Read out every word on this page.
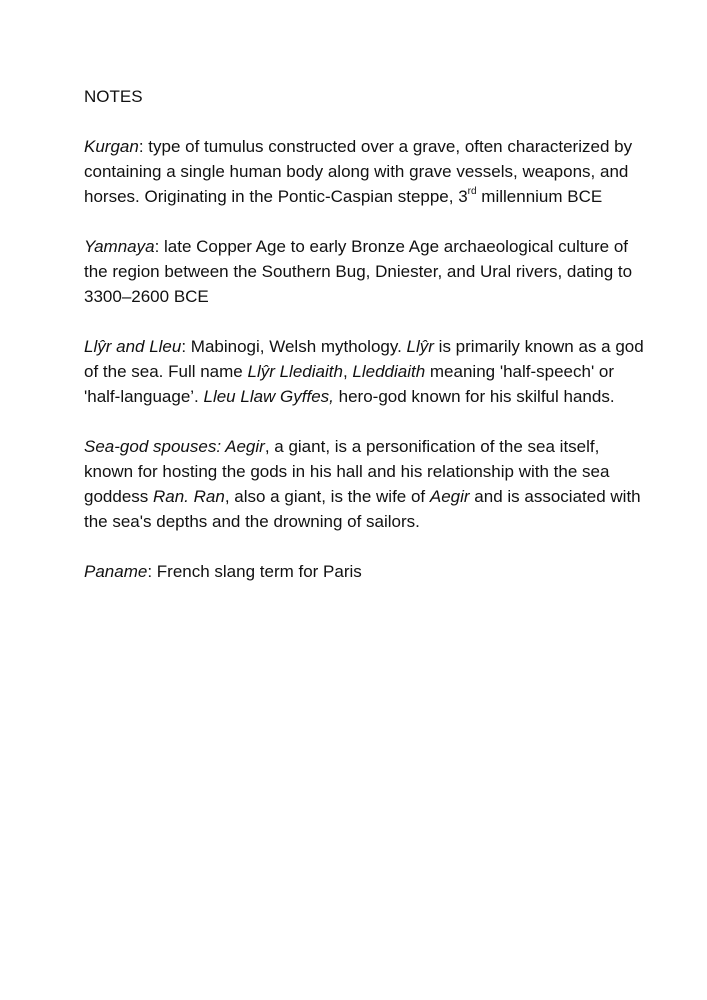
NOTES

Kurgan: type of tumulus constructed over a grave, often characterized by containing a single human body along with grave vessels, weapons, and horses. Originating in the Pontic-Caspian steppe, 3rd millennium BCE

Yamnaya: late Copper Age to early Bronze Age archaeological culture of the region between the Southern Bug, Dniester, and Ural rivers, dating to 3300–2600 BCE

Llŷr and Lleu: Mabinogi, Welsh mythology. Llŷr is primarily known as a god of the sea. Full name Llŷr Llediaith, Lleddiaith meaning 'half-speech' or 'half-language’. Lleu Llaw Gyffes, hero-god known for his skilful hands.

Sea-god spouses: Aegir, a giant, is a personification of the sea itself, known for hosting the gods in his hall and his relationship with the sea goddess Ran. Ran, also a giant, is the wife of Aegir and is associated with the sea's depths and the drowning of sailors.

Paname: French slang term for Paris
